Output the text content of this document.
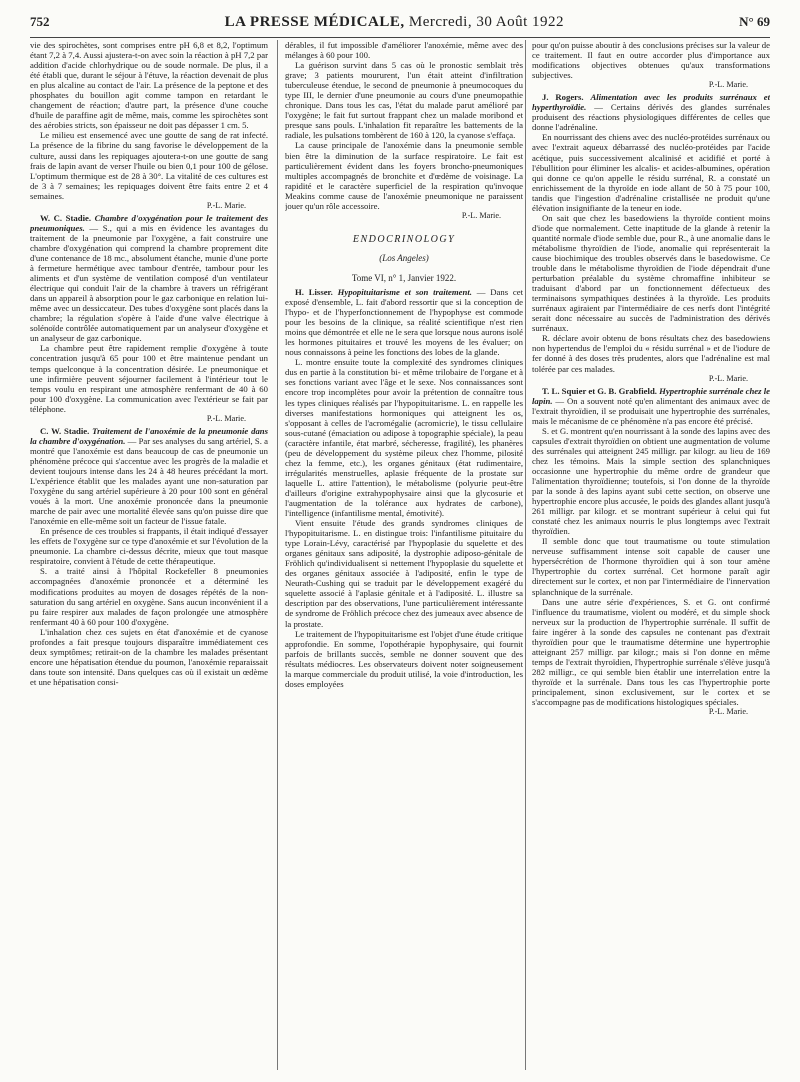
752	LA PRESSE MÉDICALE, Mercredi, 30 Août 1922	N° 69

vie des spirochètes, sont comprises entre pH 6,8 et 8,2, l'optimum étant 7,2 à 7,4. Aussi ajustera-t-on avec soin la réaction à pH 7,2 par addition d'acide chlorhydrique ou de soude normale. De plus, il a été établi que, durant le séjour à l'étuve, la réaction devenait de plus en plus alcaline au contact de l'air. La présence de la peptone et des phosphates du bouillon agit comme tampon en retardant le changement de réaction; d'autre part, la présence d'une couche d'huile de paraffine agit de même, mais, comme les spirochètes sont des aérobies stricts, son épaisseur ne doit pas dépasser 1 cm. 5.

Le milieu est ensemencé avec une goutte de sang de rat infecté. La présence de la fibrine du sang favorise le développement de la culture, aussi dans les repiquages ajoutera-t-on une goutte de sang frais de lapin avant de verser l'huile ou bien 0,1 pour 100 de gélose. L'optimum thermique est de 28 à 30°. La vitalité de ces cultures est de 3 à 7 semaines; les repiquages doivent être faits entre 2 et 4 semaines.

P.-L. Marie.

W. C. Stadie. Chambre d'oxygénation pour le traitement des pneumoniques. — S., qui a mis en évidence les avantages du traitement de la pneumonie par l'oxygène, a fait construire une chambre d'oxygénation qui comprend la chambre proprement dite d'une contenance de 18 mc., absolument étanche, munie d'une porte à fermeture hermétique avec tambour d'entrée, tambour pour les aliments et d'un système de ventilation composé d'un ventilateur électrique qui conduit l'air de la chambre à travers un réfrigérant dans un appareil à absorption pour le gaz carbonique en relation lui-même avec un dessiccateur. Des tubes d'oxygène sont placés dans la chambre; la régulation s'opère à l'aide d'une valve électrique à solénoïde contrôlée automatiquement par un analyseur d'oxygène et un analyseur de gaz carbonique.

La chambre peut être rapidement remplie d'oxygène à toute concentration jusqu'à 65 pour 100 et être maintenue pendant un temps quelconque à la concentration désirée. Le pneumonique et une infirmière peuvent séjourner facilement à l'intérieur tout le temps voulu en respirant une atmosphère renfermant de 40 à 60 pour 100 d'oxygène. La communication avec l'extérieur se fait par téléphone.

P.-L. Marie.

C. W. Stadie. Traitement de l'anoxémie de la pneumonie dans la chambre d'oxygénation. — Par ses analyses du sang artériel, S. a montré que l'anoxémie est dans beaucoup de cas de pneumonie un phénomène précoce qui s'accentue avec les progrès de la maladie et devient toujours intense dans les 24 à 48 heures précédant la mort. L'expérience établit que les malades ayant une non-saturation par l'oxygène du sang artériel supérieure à 20 pour 100 sont en général voués à la mort. Une anoxémie prononcée dans la pneumonie marche de pair avec une mortalité élevée sans qu'on puisse dire que l'anoxémie en elle-même soit un facteur de l'issue fatale.

En présence de ces troubles si frappants, il était indiqué d'essayer les effets de l'oxygène sur ce type d'anoxémie et sur l'évolution de la pneumonie. La chambre ci-dessus décrite, mieux que tout masque respiratoire, convient à l'étude de cette thérapeutique.

S. a traité ainsi à l'hôpital Rockefeller 8 pneumonies accompagnées d'anoxémie prononcée et a déterminé les modifications produites au moyen de dosages répétés de la non-saturation du sang artériel en oxygène. Sans aucun inconvénient il a pu faire respirer aux malades de façon prolongée une atmosphère renfermant 40 à 60 pour 100 d'oxygène.

L'inhalation chez ces sujets en état d'anoxémie et de cyanose profondes a fait presque toujours disparaître immédiatement ces deux symptômes; retirait-on de la chambre les malades présentant encore une hépatisation étendue du poumon, l'anoxémie reparaissait dans toute son intensité. Dans quelques cas où il existait un œdème et une hépatisation consi-

dérables, il fut impossible d'améliorer l'anoxémie, même avec des mélanges à 60 pour 100.

La guérison survint dans 5 cas où le pronostic semblait très grave; 3 patients moururent, l'un était atteint d'infiltration tuberculeuse étendue, le second de pneumonie à pneumocoques du type III, le dernier d'une pneumonie au cours d'une pneumopathie chronique. Dans tous les cas, l'état du malade parut amélioré par l'oxygène; le fait fut surtout frappant chez un malade moribond et presque sans pouls. L'inhalation fit reparaître les battements de la radiale, les pulsations tombèrent de 160 à 120, la cyanose s'effaça.

La cause principale de l'anoxémie dans la pneumonie semble bien être la diminution de la surface respiratoire. Le fait est particulièrement évident dans les foyers broncho-pneumoniques multiples accompagnés de bronchite et d'œdème de voisinage. La rapidité et le caractère superficiel de la respiration qu'invoque Meakins comme cause de l'anoxémie pneumonique ne paraissent jouer qu'un rôle accessoire.

P.-L. Marie.

ENDOCRINOLOGY
(Los Angeles)
Tome VI, n° 1, Janvier 1922.

H. Lisser. Hypopituitarisme et son traitement. — Dans cet exposé d'ensemble, L. fait d'abord ressortir que si la conception de l'hypo- et de l'hyperfonctionnement de l'hypophyse est commode pour les besoins de la clinique, sa réalité scientifique n'est rien moins que démontrée et elle ne le sera que lorsque nous aurons isolé les hormones pituitaires et trouvé les moyens de les évaluer; on nous connaissons à peine les fonctions des lobes de la glande.

L. montre ensuite toute la complexité des syndromes cliniques dus en partie à la constitution bi- et même trilobaire de l'organe et à ses fonctions variant avec l'âge et le sexe. Nos connaissances sont encore trop incomplètes pour avoir la prétention de connaître tous les types cliniques réalisés par l'hypopituitarisme. L. en rappelle les diverses manifestations hormoniques qui atteignent les os, s'opposant à celles de l'acromégalie (acromicrie), le tissu cellulaire sous-cutané (émaciation ou adipose à topographie spéciale), la peau (caractère infantile, état marbré, sécheresse, fragilité), les phanères (peu de développement du système pileux chez l'homme, pilosité chez la femme, etc.), les organes génitaux (état rudimentaire, irrégularités menstruelles, aplasie fréquente de la prostate sur laquelle L. attire l'attention), le métabolisme (polyurie peut-être d'ailleurs d'origine extrahypophysaire ainsi que la glycosurie et l'augmentation de la tolérance aux hydrates de carbone), l'intelligence (infantilisme mental, émotivité).

Vient ensuite l'étude des grands syndromes cliniques de l'hypopituitarisme. L. en distingue trois: l'infantilisme pituitaire du type Lorain-Lévy, caractérisé par l'hypoplasie du squelette et des organes génitaux sans adiposité, la dystrophie adiposo-génitale de Fröhlich qu'individualisent si nettement l'hypoplasie du squelette et des organes génitaux associée à l'adiposité, enfin le type de Neurath-Cushing qui se traduit par le développement exagéré du squelette associé à l'aplasie génitale et à l'adiposité. L. illustre sa description par des observations, l'une particulièrement intéressante de syndrome de Fröhlich précoce chez des jumeaux avec absence de la prostate.

Le traitement de l'hypopituitarisme est l'objet d'une étude critique approfondie. En somme, l'opothérapie hypophysaire, qui fournit parfois de brillants succès, semble ne donner souvent que des résultats médiocres. Les observateurs doivent noter soigneusement la marque commerciale du produit utilisé, la voie d'introduction, les doses employées

pour qu'on puisse aboutir à des conclusions précises sur la valeur de ce traitement. Il faut en outre accorder plus d'importance aux modifications objectives obtenues qu'aux transformations subjectives.

P.-L. Marie.

J. Rogers. Alimentation avec les produits surrénaux et hyperthyroïdie. — Certains dérivés des glandes surrénales produisent des réactions physiologiques différentes de celles que donne l'adrénaline.

En nourrissant des chiens avec des nucléo-protéides surrénaux ou avec l'extrait aqueux débarrassé des nucléo-protéides par l'acide acétique, puis successivement alcalinisé et acidifié et porté à l'ébullition pour éliminer les alcalis- et acides-albumines, opération qui donne ce qu'on appelle le résidu surrénal, R. a constaté un enrichissement de la thyroïde en iode allant de 50 à 75 pour 100, tandis que l'ingestion d'adrénaline cristallisée ne produit qu'une élévation insignifiante de la teneur en iode.

On sait que chez les basedowiens la thyroïde contient moins d'iode que normalement. Cette inaptitude de la glande à retenir la quantité normale d'iode semble due, pour R., à une anomalie dans le métabolisme thyroïdien de l'iode, anomalie qui représenterait la cause biochimique des troubles observés dans le basedowisme. Ce trouble dans le métabolisme thyroïdien de l'iode dépendrait d'une perturbation préalable du système chromaffine inhibiteur se traduisant d'abord par un fonctionnement défectueux des terminaisons sympathiques destinées à la thyroïde. Les produits surrénaux agiraient par l'intermédiaire de ces nerfs dont l'intégrité serait donc nécessaire au succès de l'administration des dérivés surrénaux.

R. déclare avoir obtenu de bons résultats chez des basedowiens non hypertendus de l'emploi du « résidu surrénal » et de l'iodure de fer donné à des doses très prudentes, alors que l'adrénaline est mal tolérée par ces malades.

P.-L. Marie.

T. L. Squier et G. B. Grabfield. Hypertrophie surrénale chez le lapin. — On a souvent noté qu'en alimentant des animaux avec de l'extrait thyroïdien, il se produisait une hypertrophie des surrénales, mais le mécanisme de ce phénomène n'a pas encore été précisé.

S. et G. montrent qu'en nourrissant à la sonde des lapins avec des capsules d'extrait thyroïdien on obtient une augmentation de volume des surrénales qui atteignent 245 milligr. par kilogr. au lieu de 169 chez les témoins. Mais la simple section des splanchniques occasionne une hypertrophie du même ordre de grandeur que l'alimentation thyroïdienne; toutefois, si l'on donne de la thyroïde par la sonde à des lapins ayant subi cette section, on observe une hypertrophie encore plus accusée, le poids des glandes allant jusqu'à 261 milligr. par kilogr. et se montrant supérieur à celui qui fut constaté chez les animaux nourris le plus longtemps avec l'extrait thyroïdien.

Il semble donc que tout traumatisme ou toute stimulation nerveuse suffisamment intense soit capable de causer une hypersécrétion de l'hormone thyroïdien qui à son tour amène l'hypertrophie du cortex surrénal. Cet hormone paraît agir directement sur le cortex, et non par l'intermédiaire de l'innervation splanchnique de la surrénale.

Dans une autre série d'expériences, S. et G. ont confirmé l'influence du traumatisme, violent ou modéré, et du simple shock nerveux sur la production de l'hypertrophie surrénale. Il suffit de faire ingérer à la sonde des capsules ne contenant pas d'extrait thyroïdien pour que le traumatisme détermine une hypertrophie atteignant 257 milligr. par kilogr.; mais si l'on donne en même temps de l'extrait thyroïdien, l'hypertrophie surrénale s'élève jusqu'à 282 milligr., ce qui semble bien établir une interrelation entre la thyroïde et la surrénale. Dans tous les cas l'hypertrophie porte principalement, sinon exclusivement, sur le cortex et se s'accompagne pas de modifications histologiques spéciales.

P.-L. Marie.
